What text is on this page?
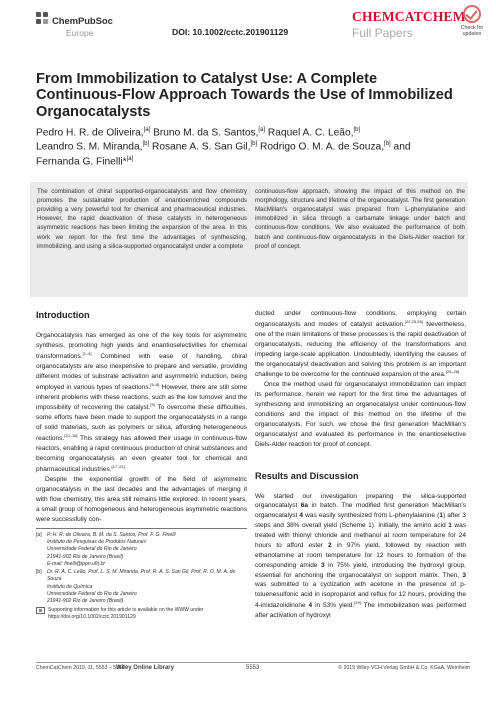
ChemPubSoc
Europe	DOI: 10.1002/cctc.201901129
CHEMCATCHEM
Full Papers	Check for updates
From Immobilization to Catalyst Use: A Complete Continuous-Flow Approach Towards the Use of Immobilized Organocatalysts
Pedro H. R. de Oliveira,[a] Bruno M. da S. Santos,[a] Raquel A. C. Leão,[b]
Leandro S. M. Miranda,[b] Rosane A. S. San Gil,[b] Rodrigo O. M. A. de Souza,[b] and
Fernanda G. Finelli*[a]
The combination of chiral supported-organocatalysts and flow chemistry promotes the sustainable production of enantioenriched compounds providing a very powerful tool for chemical and pharmaceutical industries. However, the rapid deactivation of these catalysts in heterogeneous asymmetric reactions has been limiting the expansion of the area. In this work we report for the first time the advantages of synthesizing, immobilizing, and using a silica-supported organocatalyst under a complete
continuous-flow approach, showing the impact of this method on the morphology, structure and lifetime of the organocatalyst. The first generation MacMillan's organocatalyst was prepared from L-phenylalanine and immobilized in silica through a carbamate linkage under batch and continuous-flow conditions. We also evaluated the performance of both batch and continuous-flow organocatalysts in the Diels-Alder reaction for proof of concept.
Introduction

Organocatalysis has emerged as one of the key tools for asymmetric synthesis, promoting high yields and enantioselectivities for chemical transformations.[1–4] Combined with ease of handling, chiral organocatalysts are also inexpensive to prepare and versatile, providing different modes of substrate activation and asymmetric induction, being employed in various types of reactions.[5–8] However, there are still some inherent problems with these reactions, such as the low turnover and the impossibility of recovering the catalyst.[9] To overcome these difficulties, some efforts have been made to support the organocatalysts in a range of solid materials, such as polymers or silica, affording heterogeneous reactions.[10–16] This strategy has allowed their usage in continuous-flow reactors, enabling a rapid continuous production of chiral substances and becoming organocatalysis an even greater tool for chemical and pharmaceutical industries.[17–21]

Despite the exponential growth of the field of asymmetric organocatalysis in the last decades and the advantages of merging it with flow chemistry, this area still remains little explored. In recent years, a small group of homogeneous and heterogeneous asymmetric reactions were successfully con-

[a]	P. H. R. de Oliveira, B. M. da S. Santos, Prof. F. G. Finelli
Instituto de Pesquisas de Produtos Naturais
Universidade Federal do Rio de Janeiro
21941-902 Rio de Janeiro (Brasil)
E-mail: finelli@ippn.ufrj.br
[b]	Dr. R. A. C. Leão, Prof. L. S. M. Miranda, Prof. R. A. S. San Gil, Prof. R. O. M. A. de Souza
Instituto de Química
Universidade Federal do Rio de Janeiro
21941-902 Rio de Janeiro (Brasil)
Supporting information for this article is available on the WWW under https://doi.org/10.1002/cctc.201901129

ducted under continuous-flow conditions, employing certain organocatalysts and modes of catalyst activation.[22,25,26] Nevertheless, one of the main limitations of these processes is the rapid deactivation of organocatalysts, reducing the efficiency of the transformations and impeding large-scale application. Undoubtedly, identifying the causes of the organocatalyst deactivation and solving this problem is an important challenge to be overcome for the continued expansion of the area.[25–28]

Once the method used for organocatalyst immobilization can impact its performance, herein we report for the first time the advantages of synthesizing and immobilizing an organocatalyst under continuous-flow conditions and the impact of this method on the lifetime of the organocatalysts. For such, we chose the first generation MacMillan's organocatalyst and evaluated its performance in the enantioselective Diels-Alder reaction for proof of concept.

Results and Discussion

We started our investigation preparing the silica-supported organocatalyst 6a in batch. The modified first generation MacMillan's organocatalyst 4 was easily synthesized from L-phenylalanine (1) after 3 steps and 38% overall yield (Scheme 1). Initially, the amino acid 1 was treated with thionyl chloride and methanol at room temperature for 24 hours to afford ester 2 in 97% yield, followed by reaction with ethanolamine at room temperature for 12 hours to formation of the corresponding amide 3 in 75% yield, introducing the hydroxyl group, essential for anchoring the organocatalyst on support matrix. Then, 3 was submitted to a cyclization with acetone in the presence of p-toluenesulfonic acid in isopropanol and reflux for 12 hours, providing the 4-imidazolidinone 4 in 53% yield.[29] The immobilization was performed after activation of hydroxyl

ChemCatChem 2019, 11, 5553 – 5561
Wiley Online Library	5553	© 2019 Wiley-VCH Verlag GmbH & Co. KGaA, Weinheim
